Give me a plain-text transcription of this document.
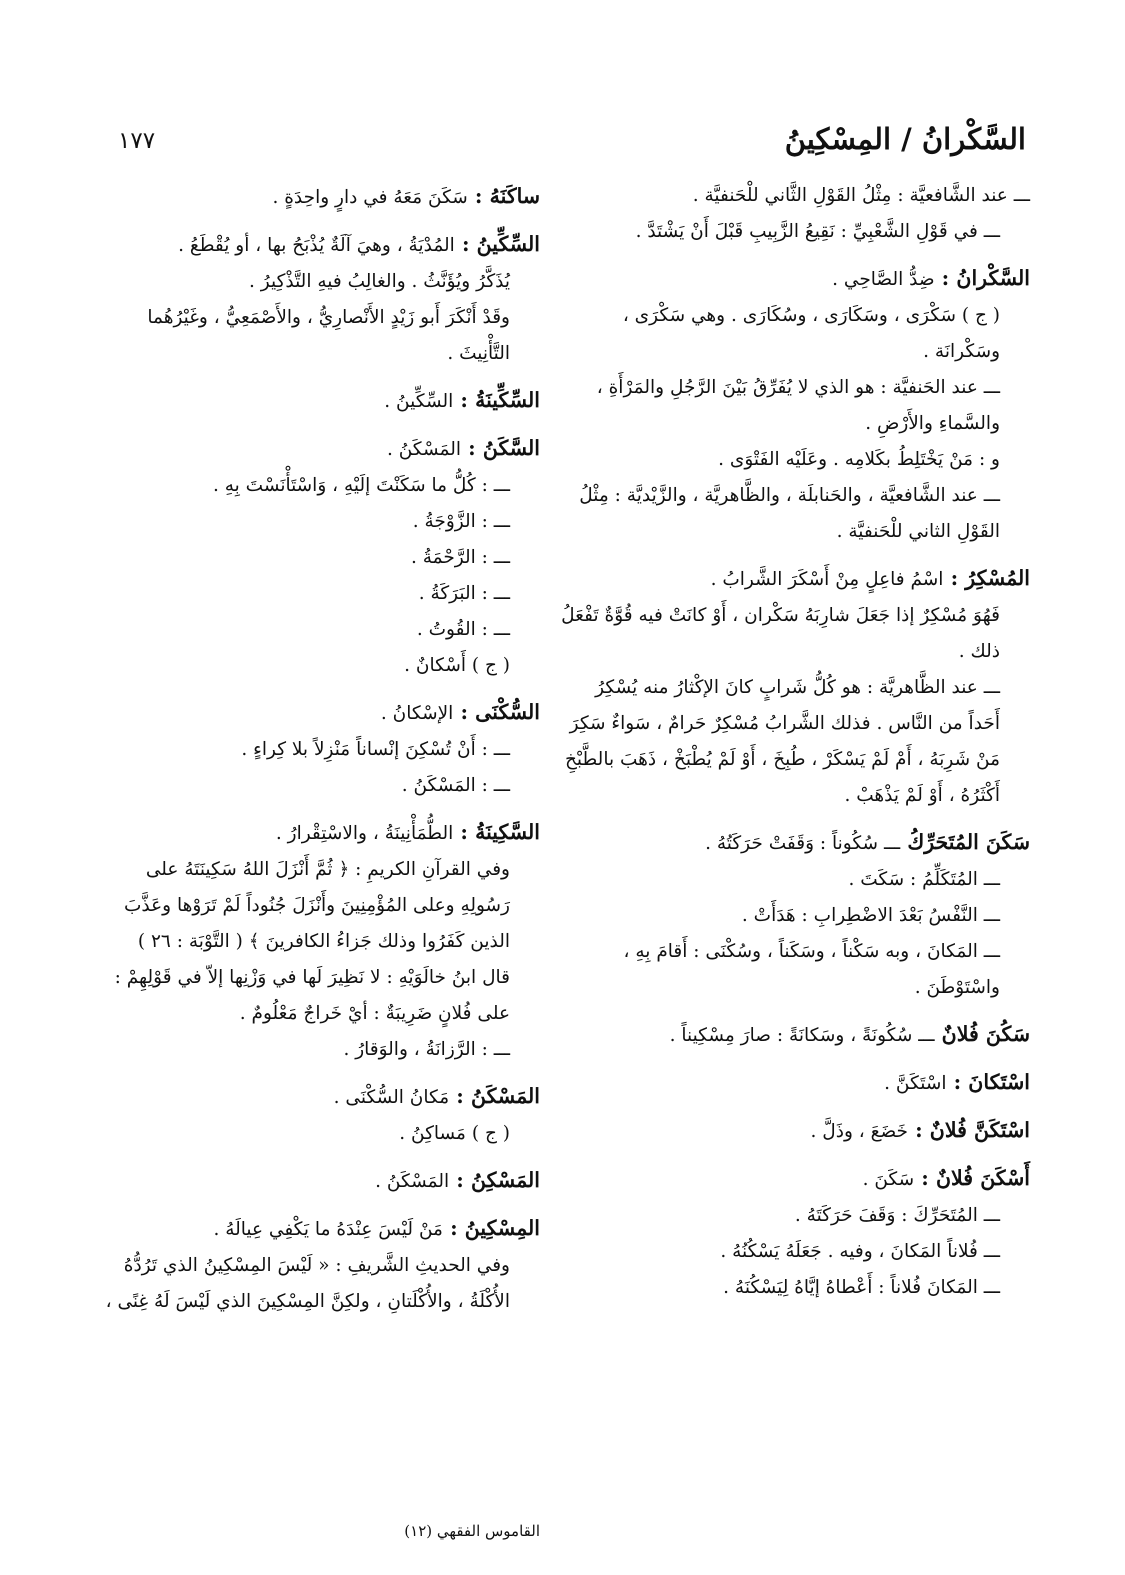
السَّكْرانُ / المِسْكِينُ
١٧٧

ـــ عند الشَّافعيَّة : مِثْلُ القَوْلِ الثَّاني للْحَنفيَّة .

ـــ في قَوْلِ الشَّعْبِيِّ : نَقِيعُ الزَّبِيبِ قَبْلَ أَنْ يَشْتَدَّ .

السَّكْرانُ : ضِدُّ الصَّاحِي .

( ج ) سَكْرَى ، وسَكَارَى ، وسُكَارَى . وهي سَكْرَى ، وسَكْرانَة .

ـــ عند الحَنفيَّة : هو الذي لا يُفَرِّقُ بَيْنَ الرَّجُلِ والمَرْأَةِ ، والسَّماءِ والأَرْضِ .

و : مَنْ يَخْتَلِطُ بكَلامِه . وعَلَيْه الفَتْوَى .

ـــ عند الشَّافعيَّة ، والحَنابلَة ، والظَّاهريَّة ، والزَّيْديَّة : مِثْلُ القَوْلِ الثاني للْحَنفيَّة .

المُسْكِرُ : اسْمُ فاعِلٍ مِنْ أَسْكَرَ الشَّرابُ .

فَهُوَ مُسْكِرٌ إذا جَعَلَ شارِبَهُ سَكْران ، أَوْ كانَتْ فيه قُوَّةٌ تَفْعَلُ ذلك .

ـــ عند الظَّاهريَّة : هو كُلُّ شَرابٍ كانَ الإكْثارُ منه يُسْكِرُ أَحَداً من النَّاس . فذلك الشَّرابُ مُسْكِرٌ حَرامٌ ، سَواءٌ سَكِرَ مَنْ شَرِبَهُ ، أَمْ لَمْ يَسْكَرْ ، طُبِخَ ، أَوْ لَمْ يُطْبَخْ ، ذَهَبَ بالطَّبْخِ أَكْثَرُهُ ، أَوْ لَمْ يَذْهَبْ .

سَكَنَ المُتَحَرِّكُ ـــ سُكُوناً : وَقَفَتْ حَرَكَتُهُ .

ـــ المُتَكَلِّمُ : سَكَتَ .

ـــ النَّفْسُ بَعْدَ الاضْطِرابِ : هَدَأَتْ .

ـــ المَكانَ ، وبه سَكْناً ، وسَكَناً ، وسُكْنَى : أَقامَ بِهِ ، واسْتَوْطَنَ .

سَكُنَ فُلانٌ ـــ سُكُونَةً ، وسَكانَةً : صارَ مِسْكِيناً .

اسْتَكانَ : اسْتَكَنَّ .

اسْتَكَنَّ فُلانٌ : خَضَعَ ، وذَلَّ .

أَسْكَنَ فُلانٌ : سَكَنَ .

ـــ المُتَحَرِّكَ : وَقَفَ حَرَكَتَهُ .

ـــ فُلاناً المَكانَ ، وفيه . جَعَلَهُ يَسْكُنُهُ .

ـــ المَكانَ فُلاناً : أَعْطاهُ إيَّاهُ لِيَسْكُنَهُ .

ساكَنَهُ : سَكَنَ مَعَهُ في دارٍ واحِدَةٍ .

السِّكِّينُ : المُدْيَةُ ، وهيَ آلَةٌ يُذْبَحُ بها ، أو يُقْطَعُ .

يُذَكَّرُ ويُؤَنَّثُ . والغالِبُ فيهِ التَّذْكِيرُ .

وقَدْ أَنْكَرَ أَبو زَيْدٍ الأَنْصارِيُّ ، والأَصْمَعِيُّ ، وغَيْرُهُما التَّأْنِيثَ .

السِّكِّينَةُ : السِّكِّينُ .

السَّكَنُ : المَسْكَنُ .

ـــ : كُلُّ ما سَكَنْتَ إلَيْهِ ، وَاسْتَأْنَسْتَ بِهِ .

ـــ : الزَّوْجَةُ .

ـــ : الرَّحْمَةُ .

ـــ : البَرَكَةُ .

ـــ : القُوتُ .

( ج ) أَسْكانٌ .

السُّكْنَى : الإسْكانُ .

ـــ : أَنْ تُسْكِنَ إنْساناً مَنْزِلاً بلا كِراءٍ .

ـــ : المَسْكَنُ .

السَّكِينَةُ : الطُّمَأْنِينَةُ ، والاسْتِقْرارُ .

وفي القرآنِ الكريمِ : ﴿ ثُمَّ أَنْزَلَ اللهُ سَكِينَتَهُ على رَسُولِهِ وعلى المُؤْمِنِينَ وأَنْزَلَ جُنُوداً لَمْ تَرَوْها وعَذَّبَ الذين كَفَرُوا وذلك جَزاءُ الكافرينَ ﴾ ( التَّوْبَة : ٢٦ )

قال ابنُ خالَوَيْهِ : لا نَظِيرَ لَها في وَزْنِها إلاّ في قَوْلِهِمْ : على فُلانٍ ضَرِيبَةٌ : أيْ خَراجٌ مَعْلُومٌ .

ـــ : الرَّزانَةُ ، والوَقارُ .

المَسْكَنُ : مَكانُ السُّكْنَى .

( ج ) مَساكِنُ .

المَسْكِنُ : المَسْكَنُ .

المِسْكِينُ : مَنْ لَيْسَ عِنْدَهُ ما يَكْفِي عِيالَهُ .

وفي الحديثِ الشَّريفِ : « لَيْسَ المِسْكِينُ الذي تَرُدُّهُ الأُكْلَةُ ، والأُكْلَتانِ ، ولكِنَّ المِسْكِينَ الذي لَيْسَ لَهُ غِنًى ،

القاموس الفقهي (١٢)
